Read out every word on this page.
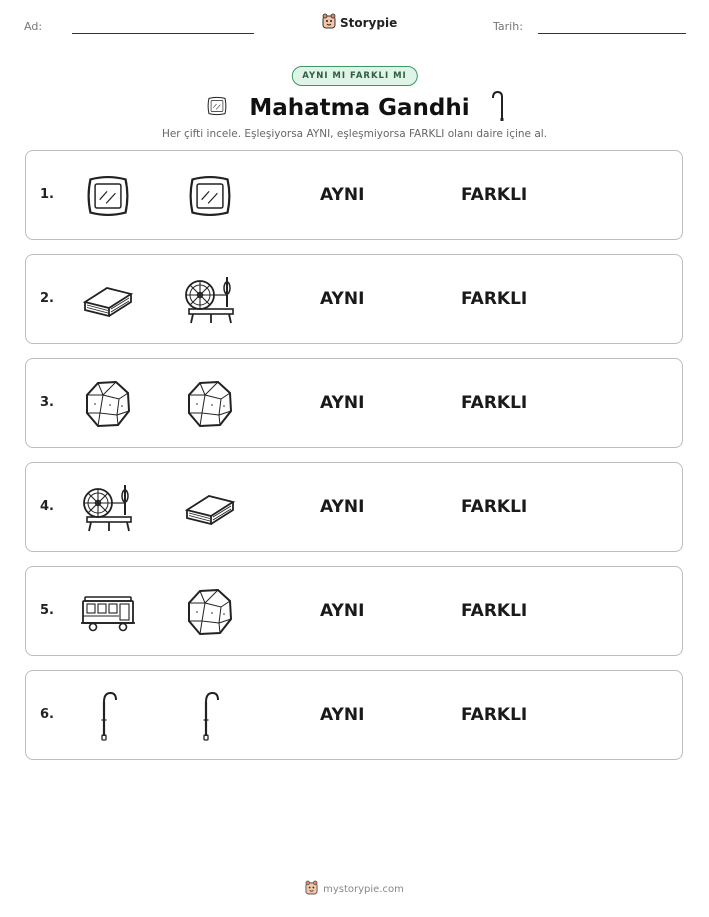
Ad:	Storypie	Tarih:
AYNI MI FARKLI MI
Mahatma Gandhi
Her çifti incele. Eşleşiyorsa AYNI, eşleşmiyorsa FARKLI olanı daire içine al.
1.	AYNI	FARKLI
2.	AYNI	FARKLI
3.	AYNI	FARKLI
4.	AYNI	FARKLI
5.	AYNI	FARKLI
6.	AYNI	FARKLI
mystorypie.com
